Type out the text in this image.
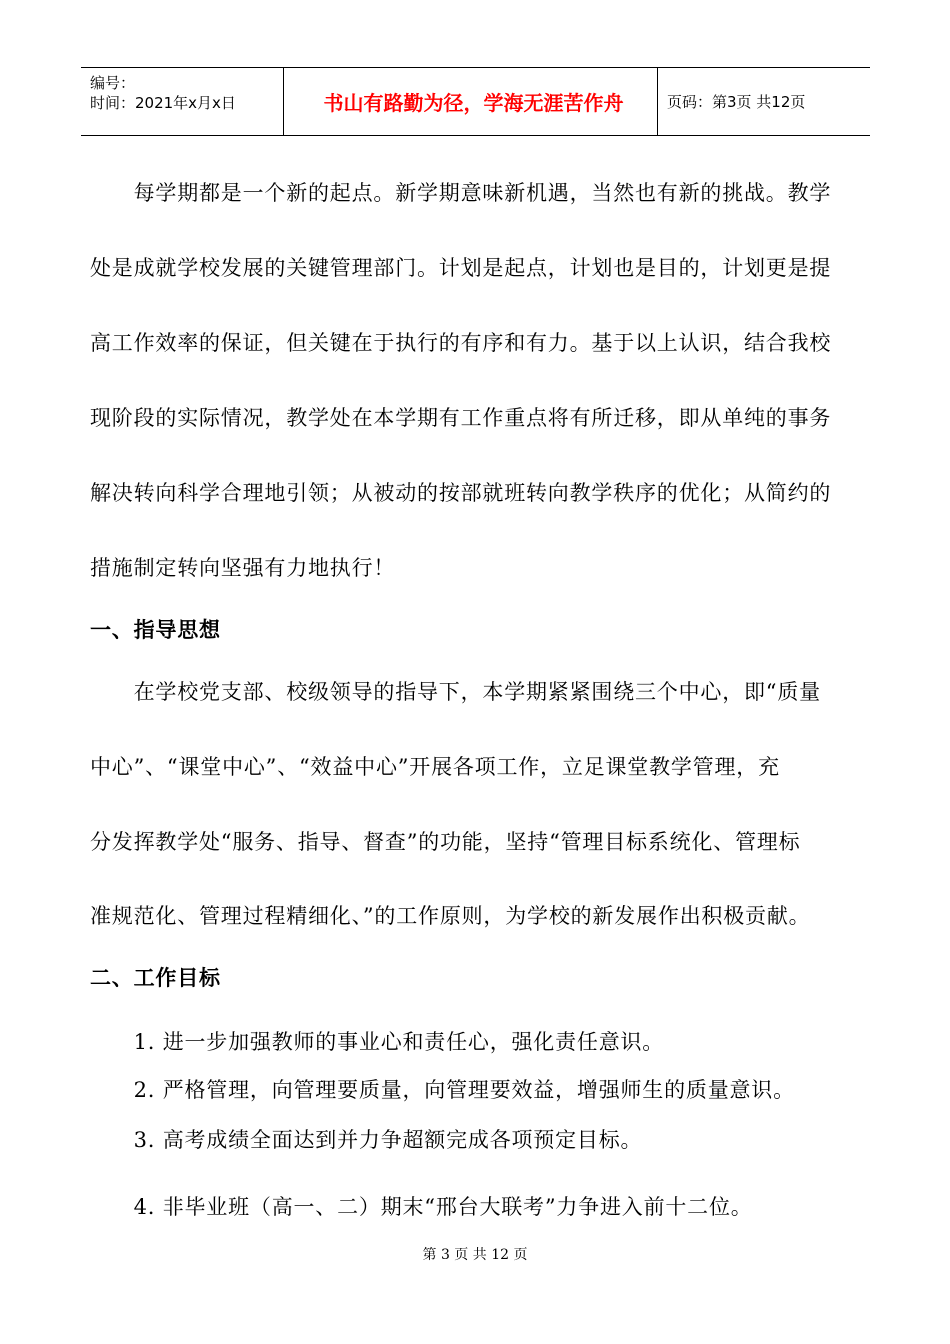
编号：
时间：2021年x月x日	书山有路勤为径，学海无涯苦作舟	页码：第3页 共12页
　　每学期都是一个新的起点。新学期意味新机遇，当然也有新的挑战。教学
处是成就学校发展的关键管理部门。计划是起点，计划也是目的，计划更是提
高工作效率的保证，但关键在于执行的有序和有力。基于以上认识，结合我校
现阶段的实际情况，教学处在本学期有工作重点将有所迁移，即从单纯的事务
解决转向科学合理地引领；从被动的按部就班转向教学秩序的优化；从简约的
措施制定转向坚强有力地执行！
一、指导思想
　　在学校党支部、校级领导的指导下，本学期紧紧围绕三个中心，即“质量
中心”、“课堂中心”、“效益中心”开展各项工作，立足课堂教学管理，充
分发挥教学处“服务、指导、督查”的功能，坚持“管理目标系统化、管理标
准规范化、管理过程精细化、”的工作原则，为学校的新发展作出积极贡献。
二、工作目标
　　1. 进一步加强教师的事业心和责任心，强化责任意识。
　　2. 严格管理，向管理要质量，向管理要效益，增强师生的质量意识。
　　3. 高考成绩全面达到并力争超额完成各项预定目标。
　　4. 非毕业班（高一、二）期末“邢台大联考”力争进入前十二位。
第 3 页 共 12 页
